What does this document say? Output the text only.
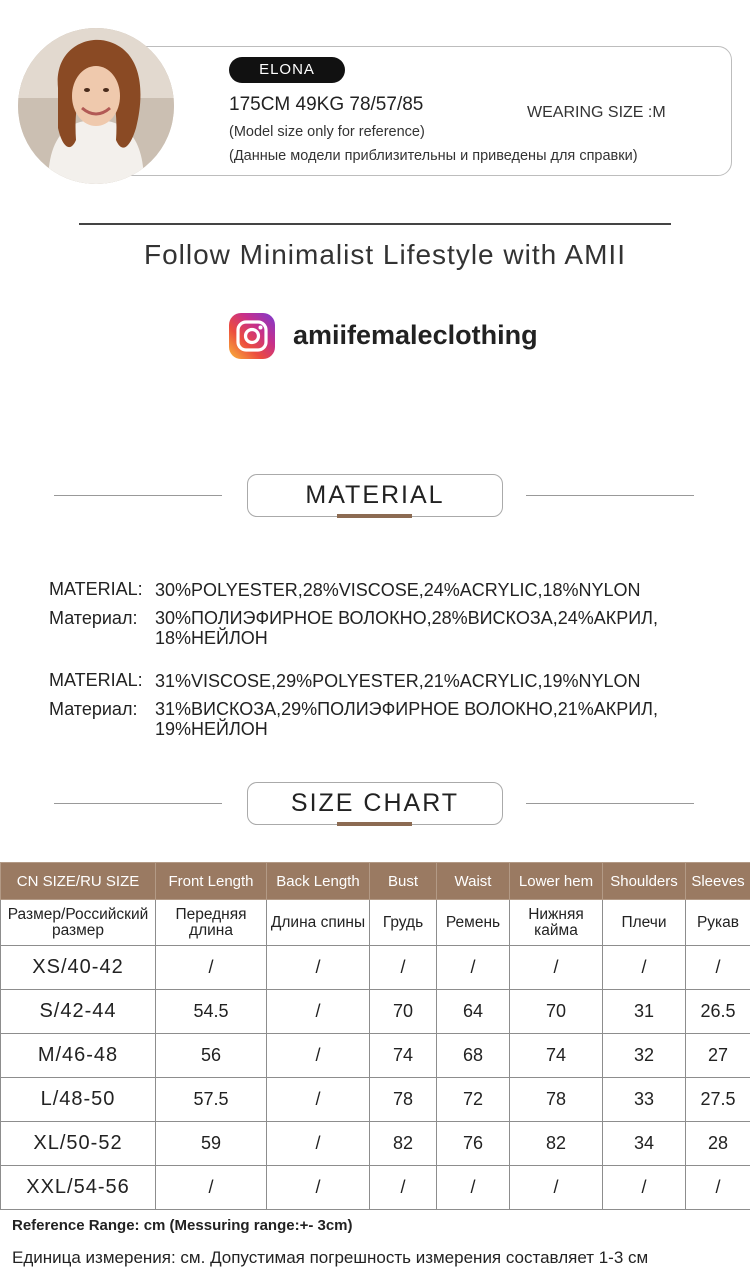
ELONA
175CM 49KG 78/57/85	WEARING SIZE :M
(Model size only for reference)
(Данные модели приблизительны и приведены для справки)
Follow Minimalist Lifestyle with AMII
amiifemaleclothing
MATERIAL
MATERIAL: 30%POLYESTER,28%VISCOSE,24%ACRYLIC,18%NYLON
Материал: 30%ПОЛИЭФИРНОЕ ВОЛОКНО,28%ВИСКОЗА,24%АКРИЛ, 18%НЕЙЛОН
MATERIAL: 31%VISCOSE,29%POLYESTER,21%ACRYLIC,19%NYLON
Материал: 31%ВИСКОЗА,29%ПОЛИЭФИРНОЕ ВОЛОКНО,21%АКРИЛ, 19%НЕЙЛОН
SIZE CHART
CN SIZE/RU SIZE	Front Length	Back Length	Bust	Waist	Lower hem	Shoulders	Sleeves
Размер/Российский размер	Передняя длина	Длина спины	Грудь	Ремень	Нижняя кайма	Плечи	Рукав
XS/40-42	/	/	/	/	/	/	/
S/42-44	54.5	/	70	64	70	31	26.5
M/46-48	56	/	74	68	74	32	27
L/48-50	57.5	/	78	72	78	33	27.5
XL/50-52	59	/	82	76	82	34	28
XXL/54-56	/	/	/	/	/	/	/
Reference Range: cm (Messuring range:+- 3cm)
Единица измерения: см. Допустимая погрешность измерения составляет 1-3 см
